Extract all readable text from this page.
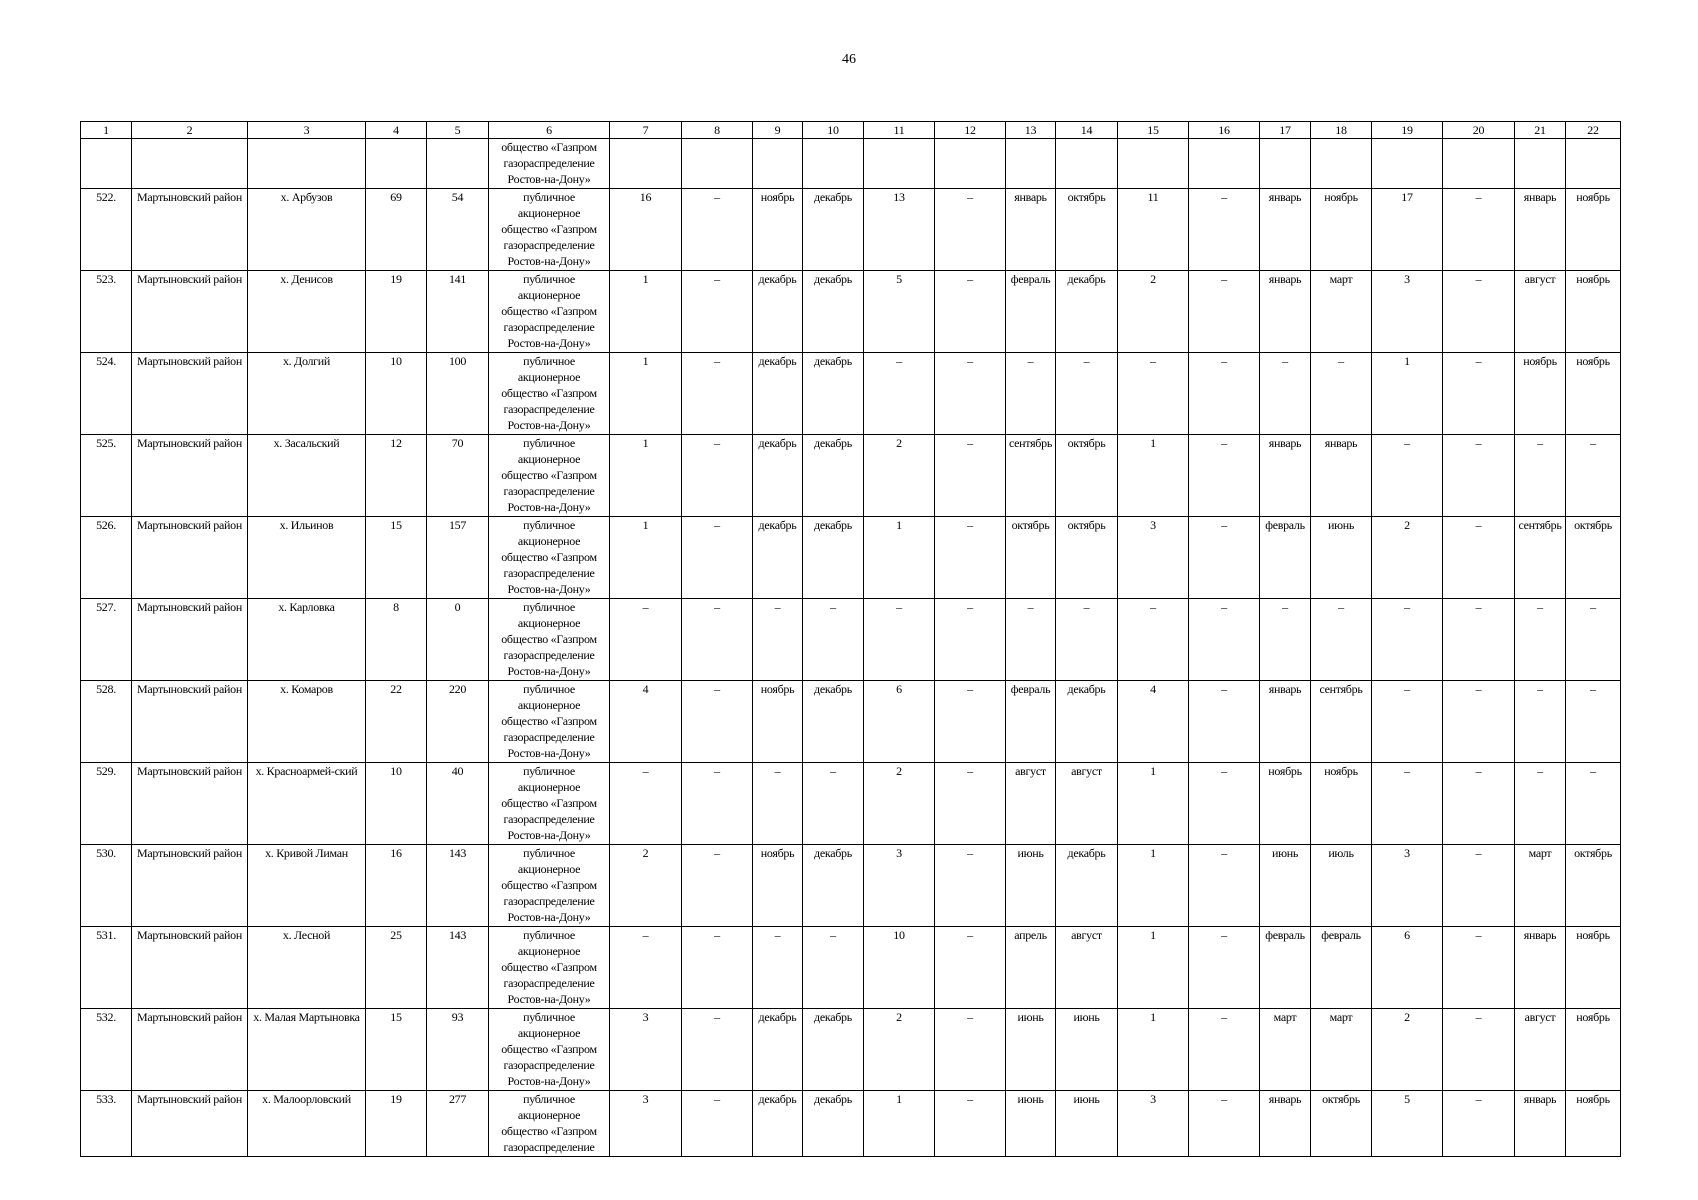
46
1	2	3	4	5	6	7	8	9	10	11	12	13	14	15	16	17	18	19	20	21	22

					общество «Газпром
газораспределение
Ростов-на-Дону»																

522.	Мартыновский район	х. Арбузов	69	54	публичное
акционерное
общество «Газпром
газораспределение
Ростов-на-Дону»	16	–	ноябрь	декабрь	13	–	январь	октябрь	11	–	январь	ноябрь	17	–	январь	ноябрь
523.	Мартыновский район	х. Денисов	19	141	публичное
акционерное
общество «Газпром
газораспределение
Ростов-на-Дону»	1	–	декабрь	декабрь	5	–	февраль	декабрь	2	–	январь	март	3	–	август	ноябрь
524.	Мартыновский район	х. Долгий	10	100	публичное
акционерное
общество «Газпром
газораспределение
Ростов-на-Дону»	1	–	декабрь	декабрь	–	–	–	–	–	–	–	–	1	–	ноябрь	ноябрь
525.	Мартыновский район	х. Засальский	12	70	публичное
акционерное
общество «Газпром
газораспределение
Ростов-на-Дону»	1	–	декабрь	декабрь	2	–	сентябрь	октябрь	1	–	январь	январь	–	–	–	–
526.	Мартыновский район	х. Ильинов	15	157	публичное
акционерное
общество «Газпром
газораспределение
Ростов-на-Дону»	1	–	декабрь	декабрь	1	–	октябрь	октябрь	3	–	февраль	июнь	2	–	сентябрь	октябрь
527.	Мартыновский район	х. Карловка	8	0	публичное
акционерное
общество «Газпром
газораспределение
Ростов-на-Дону»	–	–	–	–	–	–	–	–	–	–	–	–	–	–	–	–
528.	Мартыновский район	х. Комаров	22	220	публичное
акционерное
общество «Газпром
газораспределение
Ростов-на-Дону»	4	–	ноябрь	декабрь	6	–	февраль	декабрь	4	–	январь	сентябрь	–	–	–	–
529.	Мартыновский район	х. Красноармей-ский	10	40	публичное
акционерное
общество «Газпром
газораспределение
Ростов-на-Дону»	–	–	–	–	2	–	август	август	1	–	ноябрь	ноябрь	–	–	–	–
530.	Мартыновский район	х. Кривой Лиман	16	143	публичное
акционерное
общество «Газпром
газораспределение
Ростов-на-Дону»	2	–	ноябрь	декабрь	3	–	июнь	декабрь	1	–	июнь	июль	3	–	март	октябрь
531.	Мартыновский район	х. Лесной	25	143	публичное
акционерное
общество «Газпром
газораспределение
Ростов-на-Дону»	–	–	–	–	10	–	апрель	август	1	–	февраль	февраль	6	–	январь	ноябрь
532.	Мартыновский район	х. Малая Мартыновка	15	93	публичное
акционерное
общество «Газпром
газораспределение
Ростов-на-Дону»	3	–	декабрь	декабрь	2	–	июнь	июнь	1	–	март	март	2	–	август	ноябрь
533.	Мартыновский район	х. Малоорловский	19	277	публичное
акционерное
общество «Газпром
газораспределение	3	–	декабрь	декабрь	1	–	июнь	июнь	3	–	январь	октябрь	5	–	январь	ноябрь
